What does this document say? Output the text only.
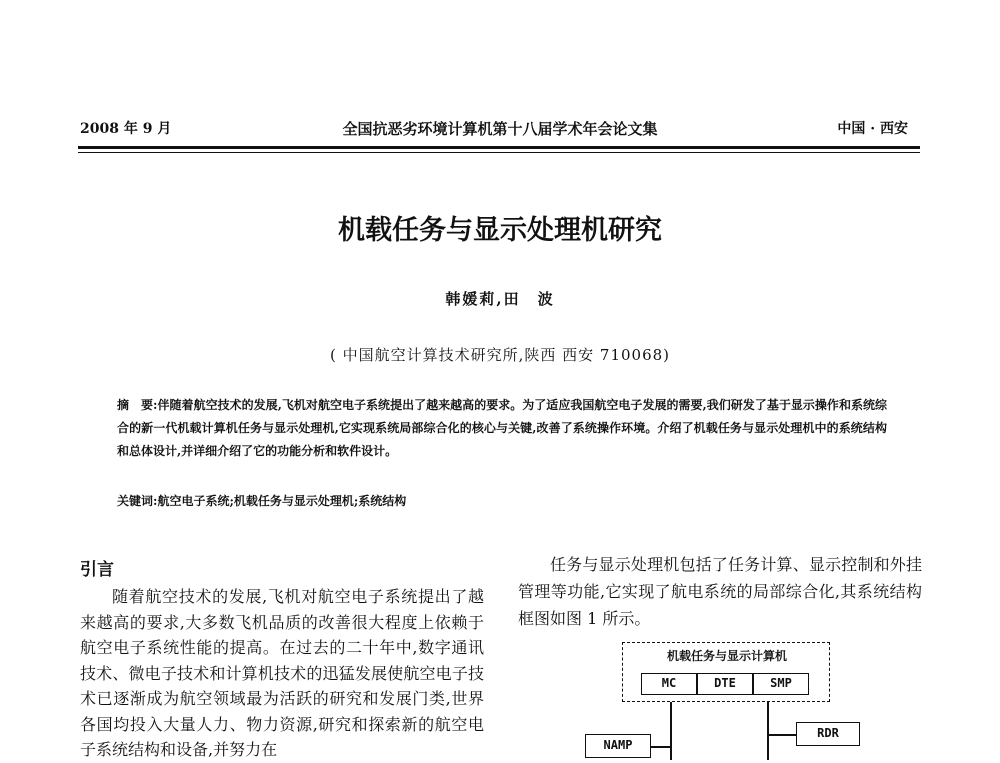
2008 年 9 月	全国抗恶劣环境计算机第十八届学术年会论文集	中国 · 西安
机载任务与显示处理机研究
韩媛莉,田　波
( 中国航空计算技术研究所,陕西 西安 710068)
摘　要:伴随着航空技术的发展,飞机对航空电子系统提出了越来越高的要求。为了适应我国航空电子发展的需要,我们研发了基于显示操作和系统综合的新一代机载计算机任务与显示处理机,它实现系统局部综合化的核心与关键,改善了系统操作环境。介绍了机载任务与显示处理机中的系统结构和总体设计,并详细介绍了它的功能分析和软件设计。
关键词:航空电子系统;机载任务与显示处理机;系统结构
引言

随着航空技术的发展,飞机对航空电子系统提出了越来越高的要求,大多数飞机品质的改善很大程度上依赖于航空电子系统性能的提高。在过去的二十年中,数字通讯技术、微电子技术和计算机技术的迅猛发展使航空电子技术已逐渐成为航空领域最为活跃的研究和发展门类,世界各国均投入大量人力、物力资源,研究和探索新的航空电子系统结构和设备,并努力在

任务与显示处理机包括了任务计算、显示控制和外挂管理等功能,它实现了航电系统的局部综合化,其系统结构框图如图 1 所示。

机载任务与显示计算机
MC	DTE	SMP
NAMP
RDR
